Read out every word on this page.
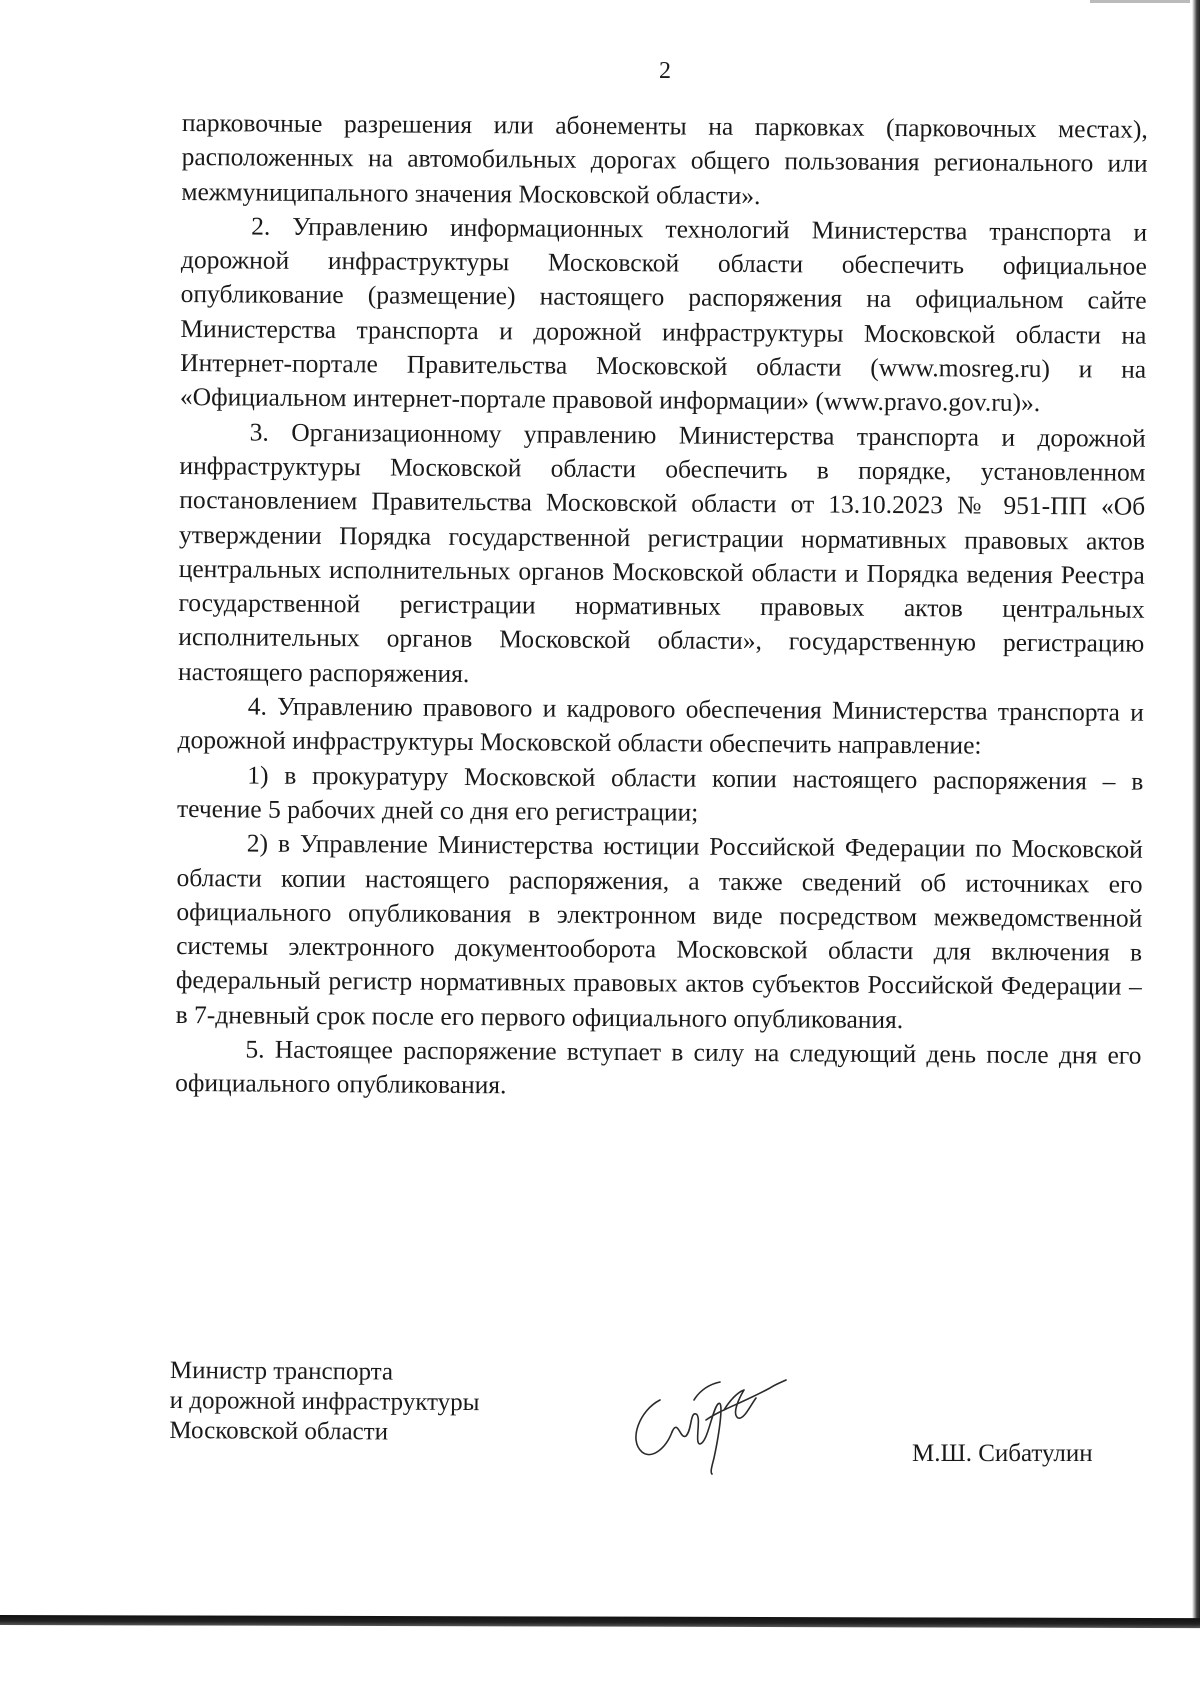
2

парковочные разрешения или абонементы на парковках (парковочных местах), расположенных на автомобильных дорогах общего пользования регионального или межмуниципального значения Московской области».

2. Управлению информационных технологий Министерства транспорта и дорожной инфраструктуры Московской области обеспечить официальное опубликование (размещение) настоящего распоряжения на официальном сайте Министерства транспорта и дорожной инфраструктуры Московской области на Интернет-портале Правительства Московской области (www.mosreg.ru) и на «Официальном интернет-портале правовой информации» (www.pravo.gov.ru)».

3. Организационному управлению Министерства транспорта и дорожной инфраструктуры Московской области обеспечить в порядке, установленном постановлением Правительства Московской области от 13.10.2023 № 951-ПП «Об утверждении Порядка государственной регистрации нормативных правовых актов центральных исполнительных органов Московской области и Порядка ведения Реестра государственной регистрации нормативных правовых актов центральных исполнительных органов Московской области», государственную регистрацию настоящего распоряжения.

4. Управлению правового и кадрового обеспечения Министерства транспорта и дорожной инфраструктуры Московской области обеспечить направление:

1) в прокуратуру Московской области копии настоящего распоряжения – в течение 5 рабочих дней со дня его регистрации;

2) в Управление Министерства юстиции Российской Федерации по Московской области копии настоящего распоряжения, а также сведений об источниках его официального опубликования в электронном виде посредством межведомственной системы электронного документооборота Московской области для включения в федеральный регистр нормативных правовых актов субъектов Российской Федерации – в 7-дневный срок после его первого официального опубликования.

5. Настоящее распоряжение вступает в силу на следующий день после дня его официального опубликования.

Министр транспорта
и дорожной инфраструктуры
Московской области
М.Ш. Сибатулин
